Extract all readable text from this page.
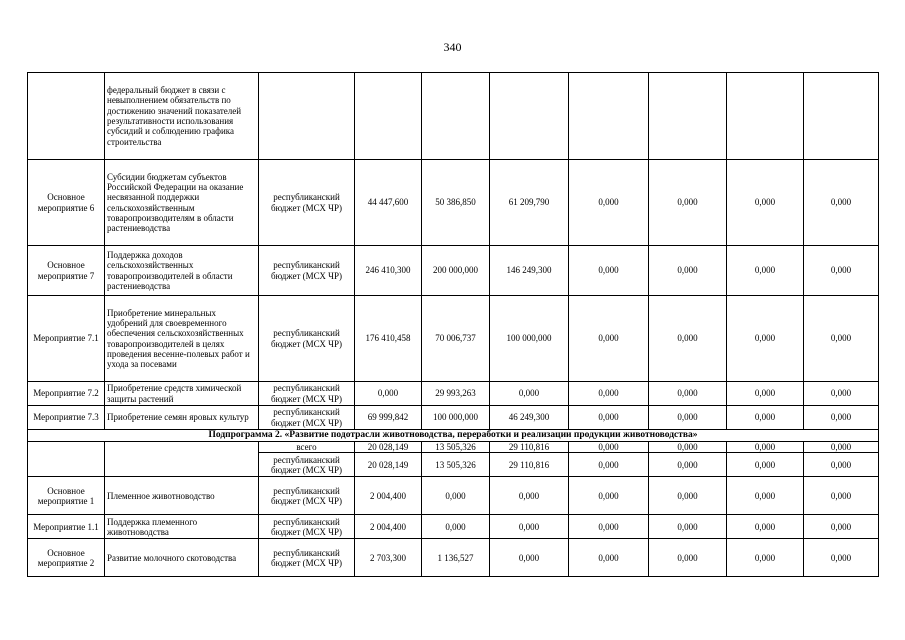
340
	федеральный бюджет в связи с невыполнением обязательств по достижению значений показателей результативности использования субсидий и соблюдению графика строительства								
Основное мероприятие 6	Субсидии бюджетам субъектов Российской Федерации на оказание несвязанной поддержки сельскохозяйственным товаропроизводителям в области растениеводства	республиканский бюджет (МСХ ЧР)	44 447,600	50 386,850	61 209,790	0,000	0,000	0,000	0,000
Основное мероприятие 7	Поддержка доходов сельскохозяйственных товаропроизводителей в области растениеводства	республиканский бюджет (МСХ ЧР)	246 410,300	200 000,000	146 249,300	0,000	0,000	0,000	0,000
Мероприятие 7.1	Приобретение минеральных удобрений для своевременного обеспечения сельскохозяйственных товаропроизводителей в целях проведения весенне-полевых работ и ухода за посевами	республиканский бюджет (МСХ ЧР)	176 410,458	70 006,737	100 000,000	0,000	0,000	0,000	0,000
Мероприятие 7.2	Приобретение средств химической защиты растений	республиканский бюджет (МСХ ЧР)	0,000	29 993,263	0,000	0,000	0,000	0,000	0,000
Мероприятие 7.3	Приобретение семян яровых культур	республиканский бюджет (МСХ ЧР)	69 999,842	100 000,000	46 249,300	0,000	0,000	0,000	0,000
Подпрограмма 2. «Развитие подотрасли животноводства, переработки и реализации продукции животноводства»									
		всего	20 028,149	13 505,326	29 110,816	0,000	0,000	0,000	0,000
		республиканский бюджет (МСХ ЧР)	20 028,149	13 505,326	29 110,816	0,000	0,000	0,000	0,000
Основное мероприятие 1	Племенное животноводство	республиканский бюджет (МСХ ЧР)	2 004,400	0,000	0,000	0,000	0,000	0,000	0,000
Мероприятие 1.1	Поддержка племенного животноводства	республиканский бюджет (МСХ ЧР)	2 004,400	0,000	0,000	0,000	0,000	0,000	0,000
Основное мероприятие 2	Развитие молочного скотоводства	республиканский бюджет (МСХ ЧР)	2 703,300	1 136,527	0,000	0,000	0,000	0,000	0,000
